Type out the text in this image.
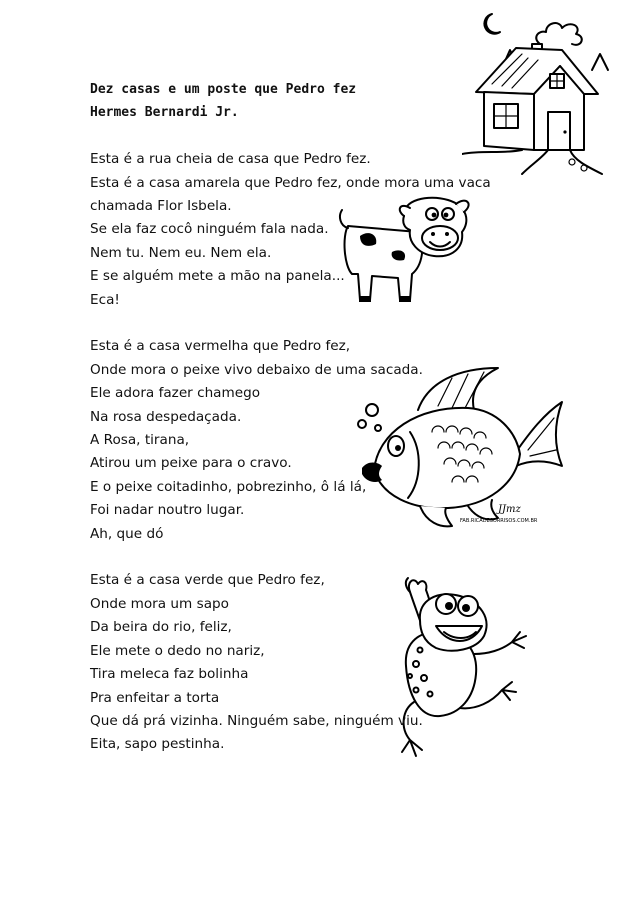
JJmz
FAB.RICADESORRISOS.COM.BR
Dez casas e um poste que Pedro fez
Hermes Bernardi Jr.
Esta é a rua cheia de casa que Pedro fez.
Esta é a casa amarela que Pedro fez, onde mora uma vaca
chamada Flor Isbela.
Se ela faz cocô ninguém fala nada.
Nem tu. Nem eu. Nem ela.
E se alguém mete a mão na panela...
Eca!
Esta é a casa vermelha que Pedro fez,
Onde mora o peixe vivo debaixo de uma sacada.
Ele adora fazer chamego
Na rosa despedaçada.
A Rosa, tirana,
Atirou um peixe para o cravo.
E o peixe coitadinho, pobrezinho, ô lá lá,
Foi nadar noutro lugar.
Ah, que dó
Esta é a casa verde que Pedro fez,
Onde mora um sapo
Da beira do rio, feliz,
Ele mete o dedo no nariz,
Tira meleca faz bolinha
Pra enfeitar a torta
Que dá prá vizinha. Ninguém sabe, ninguém viu.
Eita, sapo pestinha.
